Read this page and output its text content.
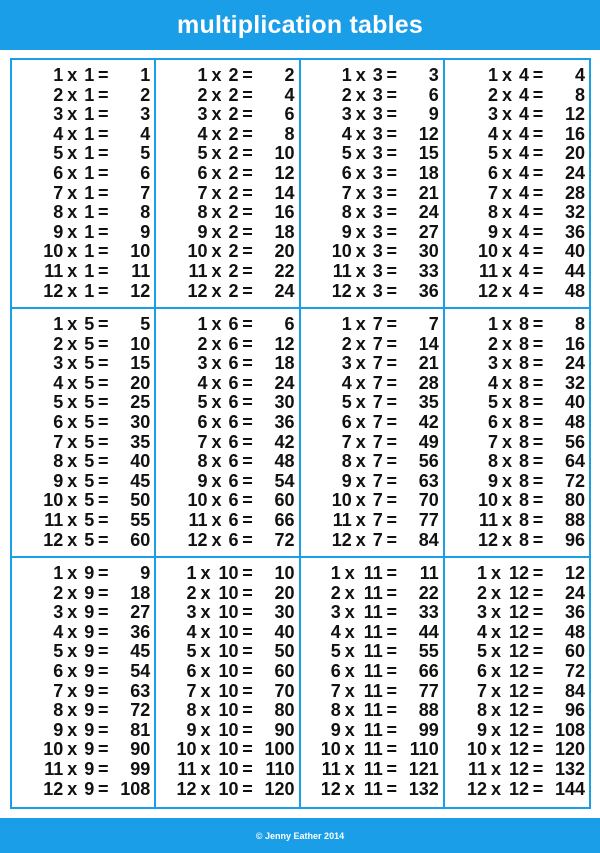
multiplication tables
1 x 1 =	1
2 x 1 =	2
3 x 1 =	3
4 x 1 =	4
5 x 1 =	5
6 x 1 =	6
7 x 1 =	7
8 x 1 =	8
9 x 1 =	9
10 x 1 =	10
11 x 1 =	11
12 x 1 =	12
1 x 2 =	2
2 x 2 =	4
3 x 2 =	6
4 x 2 =	8
5 x 2 =	10
6 x 2 =	12
7 x 2 =	14
8 x 2 =	16
9 x 2 =	18
10 x 2 =	20
11 x 2 =	22
12 x 2 =	24
1 x 3 =	3
2 x 3 =	6
3 x 3 =	9
4 x 3 =	12
5 x 3 =	15
6 x 3 =	18
7 x 3 =	21
8 x 3 =	24
9 x 3 =	27
10 x 3 =	30
11 x 3 =	33
12 x 3 =	36
1 x 4 =	4
2 x 4 =	8
3 x 4 =	12
4 x 4 =	16
5 x 4 =	20
6 x 4 =	24
7 x 4 =	28
8 x 4 =	32
9 x 4 =	36
10 x 4 =	40
11 x 4 =	44
12 x 4 =	48
1 x 5 =	5
2 x 5 =	10
3 x 5 =	15
4 x 5 =	20
5 x 5 =	25
6 x 5 =	30
7 x 5 =	35
8 x 5 =	40
9 x 5 =	45
10 x 5 =	50
11 x 5 =	55
12 x 5 =	60
1 x 6 =	6
2 x 6 =	12
3 x 6 =	18
4 x 6 =	24
5 x 6 =	30
6 x 6 =	36
7 x 6 =	42
8 x 6 =	48
9 x 6 =	54
10 x 6 =	60
11 x 6 =	66
12 x 6 =	72
1 x 7 =	7
2 x 7 =	14
3 x 7 =	21
4 x 7 =	28
5 x 7 =	35
6 x 7 =	42
7 x 7 =	49
8 x 7 =	56
9 x 7 =	63
10 x 7 =	70
11 x 7 =	77
12 x 7 =	84
1 x 8 =	8
2 x 8 =	16
3 x 8 =	24
4 x 8 =	32
5 x 8 =	40
6 x 8 =	48
7 x 8 =	56
8 x 8 =	64
9 x 8 =	72
10 x 8 =	80
11 x 8 =	88
12 x 8 =	96
1 x 9 =	9
2 x 9 =	18
3 x 9 =	27
4 x 9 =	36
5 x 9 =	45
6 x 9 =	54
7 x 9 =	63
8 x 9 =	72
9 x 9 =	81
10 x 9 =	90
11 x 9 =	99
12 x 9 = 108
1 x 10 =	10
2 x 10 =	20
3 x 10 =	30
4 x 10 =	40
5 x 10 =	50
6 x 10 =	60
7 x 10 =	70
8 x 10 =	80
9 x 10 =	90
10 x 10 = 100
11 x 10 = 110
12 x 10 = 120
1 x 11 =	11
2 x 11 =	22
3 x 11 =	33
4 x 11 =	44
5 x 11 =	55
6 x 11 =	66
7 x 11 =	77
8 x 11 =	88
9 x 11 =	99
10 x 11 = 110
11 x 11 = 121
12 x 11 = 132
1 x 12 =	12
2 x 12 =	24
3 x 12 =	36
4 x 12 =	48
5 x 12 =	60
6 x 12 =	72
7 x 12 =	84
8 x 12 =	96
9 x 12 = 108
10 x 12 = 120
11 x 12 = 132
12 x 12 = 144
© Jenny Eather 2014
